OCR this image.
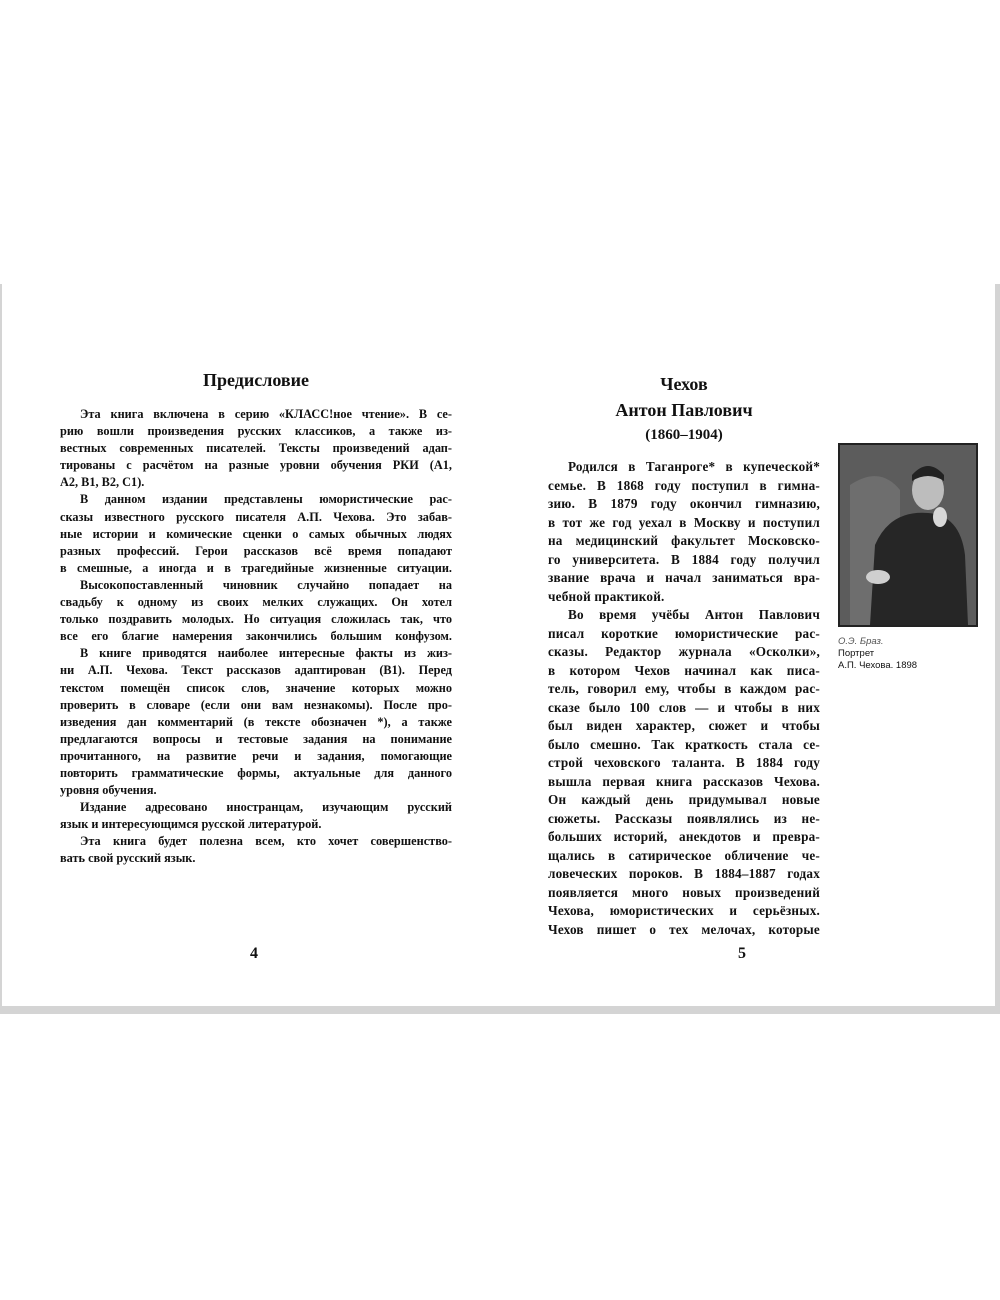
Предисловие
Эта книга включена в серию «КЛАСС!ное чтение». В се-
рию вошли произведения русских классиков, а также из-
вестных современных писателей. Тексты произведений адап-
тированы с расчётом на разные уровни обучения РКИ (А1,
А2, В1, В2, С1).
В данном издании представлены юмористические рас-
сказы известного русского писателя А.П. Чехова. Это забав-
ные истории и комические сценки о самых обычных людях
разных профессий. Герои рассказов всё время попадают
в смешные, а иногда и в трагедийные жизненные ситуации.
Высокопоставленный чиновник случайно попадает на
свадьбу к одному из своих мелких служащих. Он хотел
только поздравить молодых. Но ситуация сложилась так, что
все его благие намерения закончились большим конфузом.
В книге приводятся наиболее интересные факты из жиз-
ни А.П. Чехова. Текст рассказов адаптирован (В1). Перед
текстом помещён список слов, значение которых можно
проверить в словаре (если они вам незнакомы). После про-
изведения дан комментарий (в тексте обозначен *), а также
предлагаются вопросы и тестовые задания на понимание
прочитанного, на развитие речи и задания, помогающие
повторить грамматические формы, актуальные для данного
уровня обучения.
Издание адресовано иностранцам, изучающим русский
язык и интересующимся русской литературой.
Эта книга будет полезна всем, кто хочет совершенство-
вать свой русский язык.
4
Чехов
Антон Павлович
(1860–1904)
Родился в Таганроге* в купеческой*
семье. В 1868 году поступил в гимна-
зию. В 1879 году окончил гимназию,
в тот же год уехал в Москву и поступил
на медицинский факультет Московско-
го университета. В 1884 году получил
звание врача и начал заниматься вра-
чебной практикой.
Во время учёбы Антон Павлович
писал короткие юмористические рас-
сказы. Редактор журнала «Осколки»,
в котором Чехов начинал как писа-
тель, говорил ему, чтобы в каждом рас-
сказе было 100 слов — и чтобы в них
был виден характер, сюжет и чтобы
было смешно. Так краткость стала се-
строй чеховского таланта. В 1884 году
вышла первая книга рассказов Чехова.
Он каждый день придумывал новые
сюжеты. Рассказы появлялись из не-
больших историй, анекдотов и превра-
щались в сатирическое обличение че-
ловеческих пороков. В 1884–1887 годах
появляется много новых произведений
Чехова, юмористических и серьёзных.
Чехов пишет о тех мелочах, которые
5
О.Э. Браз.
Портрет
А.П. Чехова. 1898
